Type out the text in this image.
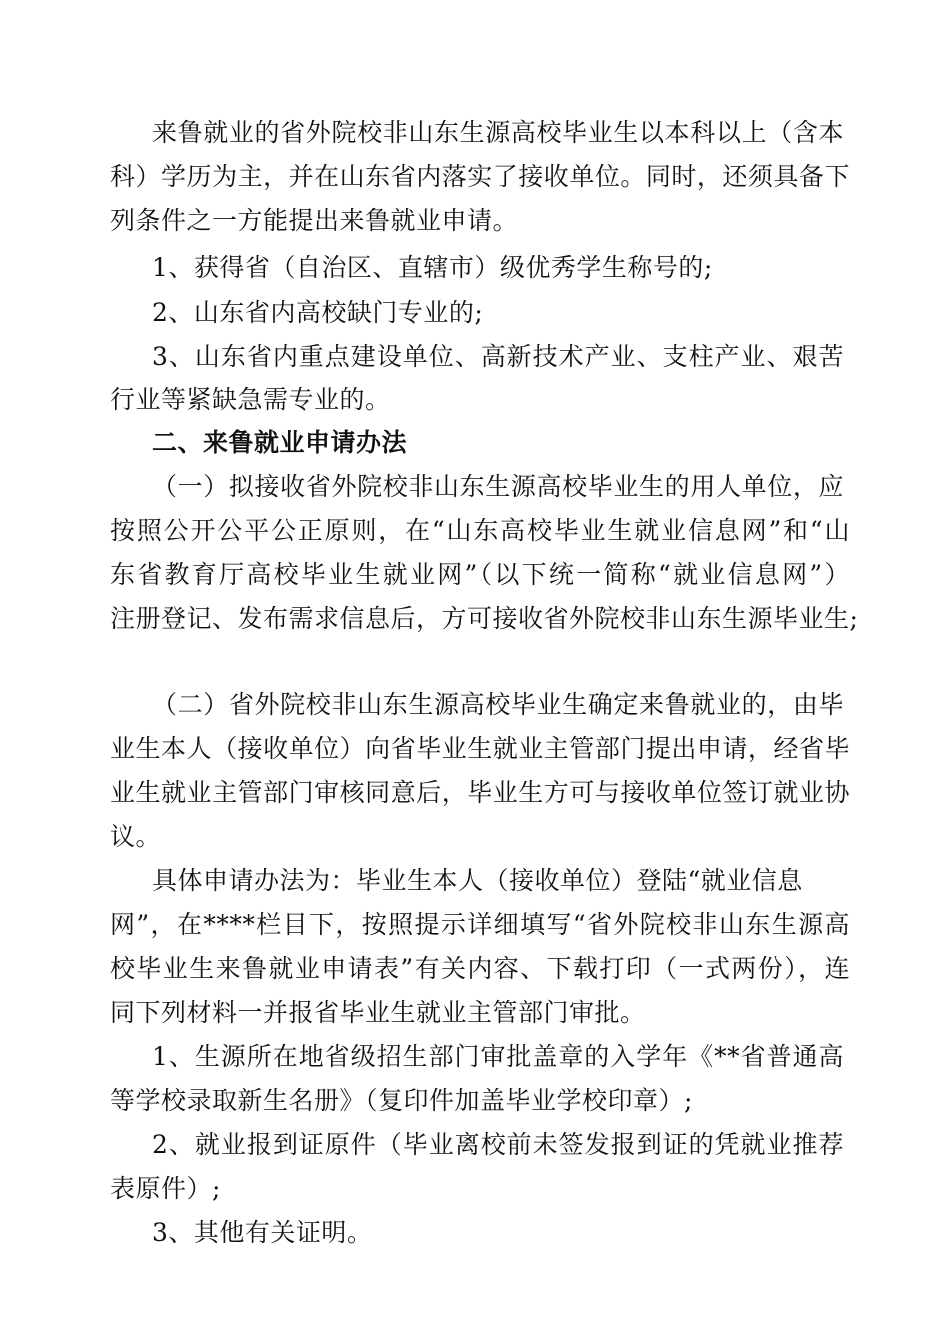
来鲁就业的省外院校非山东生源高校毕业生以本科以上（含本
科）学历为主，并在山东省内落实了接收单位。同时，还须具备下
列条件之一方能提出来鲁就业申请。
1、获得省（自治区、直辖市）级优秀学生称号的;
2、山东省内高校缺门专业的;
3、山东省内重点建设单位、高新技术产业、支柱产业、艰苦
行业等紧缺急需专业的。
二、来鲁就业申请办法
（一）拟接收省外院校非山东生源高校毕业生的用人单位，应
按照公开公平公正原则，在“山东高校毕业生就业信息网”和“山
东省教育厅高校毕业生就业网”（以下统一简称“就业信息网”）
注册登记、发布需求信息后，方可接收省外院校非山东生源毕业生;
（二）省外院校非山东生源高校毕业生确定来鲁就业的，由毕
业生本人（接收单位）向省毕业生就业主管部门提出申请，经省毕
业生就业主管部门审核同意后，毕业生方可与接收单位签订就业协
议。
具体申请办法为：毕业生本人（接收单位）登陆“就业信息
网”，在****栏目下，按照提示详细填写“省外院校非山东生源高
校毕业生来鲁就业申请表”有关内容、下载打印（一式两份），连
同下列材料一并报省毕业生就业主管部门审批。
1、生源所在地省级招生部门审批盖章的入学年《**省普通高
等学校录取新生名册》（复印件加盖毕业学校印章）;
2、就业报到证原件（毕业离校前未签发报到证的凭就业推荐
表原件）;
3、其他有关证明。
